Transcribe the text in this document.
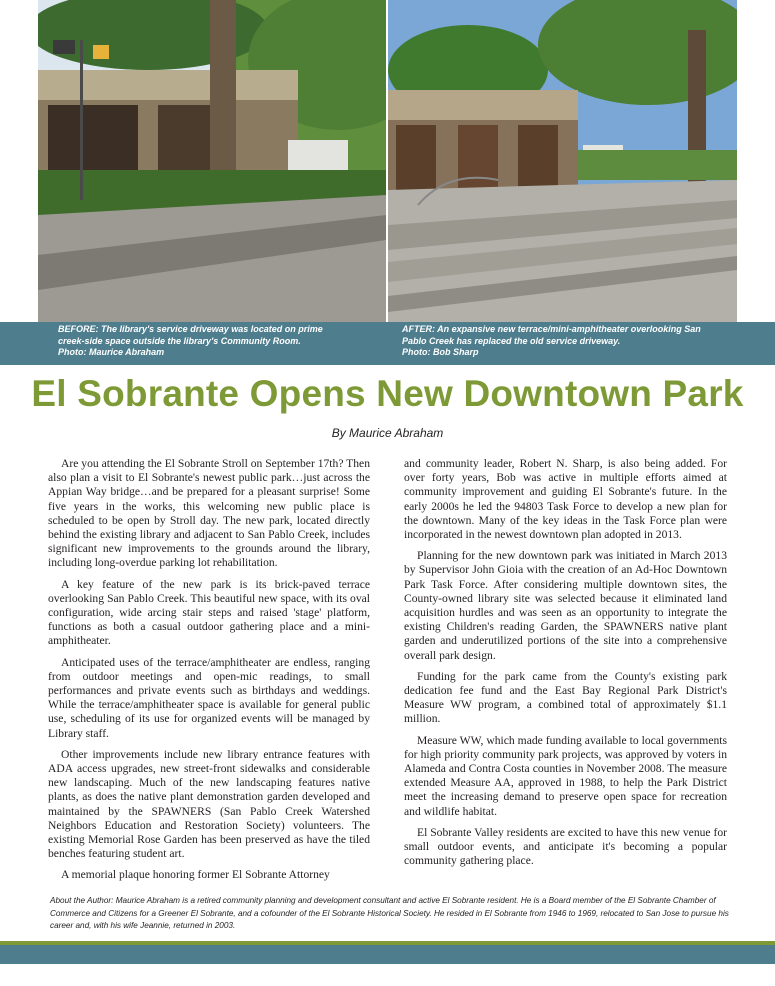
BEFORE: The library's service driveway was located on prime
creek-side space outside the library's Community Room.
Photo: Maurice Abraham
AFTER: An expansive new terrace/mini-amphitheater overlooking San
Pablo Creek has replaced the old service driveway.
Photo: Bob Sharp
El Sobrante Opens New Downtown Park
By Maurice Abraham

Are you attending the El Sobrante Stroll on September 17th? Then also plan a visit to El Sobrante's newest public park…just across the Appian Way bridge…and be prepared for a pleasant surprise! Some five years in the works, this welcoming new public place is scheduled to be open by Stroll day. The new park, located directly behind the existing library and adjacent to San Pablo Creek, includes significant new improvements to the grounds around the library, including long-overdue parking lot rehabilitation.

A key feature of the new park is its brick-paved terrace overlooking San Pablo Creek. This beautiful new space, with its oval configuration, wide arcing stair steps and raised 'stage' platform, functions as both a casual outdoor gathering place and a mini-amphitheater.

Anticipated uses of the terrace/amphitheater are endless, ranging from outdoor meetings and open-mic readings, to small performances and private events such as birthdays and weddings. While the terrace/amphitheater space is available for general public use, scheduling of its use for organized events will be managed by Library staff.

Other improvements include new library entrance features with ADA access upgrades, new street-front sidewalks and considerable new landscaping. Much of the new landscaping features native plants, as does the native plant demonstration garden developed and maintained by the SPAWNERS (San Pablo Creek Watershed Neighbors Education and Restoration Society) volunteers. The existing Memorial Rose Garden has been preserved as have the tiled benches featuring student art.

A memorial plaque honoring former El Sobrante Attorney

and community leader, Robert N. Sharp, is also being added. For over forty years, Bob was active in multiple efforts aimed at community improvement and guiding El Sobrante's future. In the early 2000s he led the 94803 Task Force to develop a new plan for the downtown. Many of the key ideas in the Task Force plan were incorporated in the newest downtown plan adopted in 2013.

Planning for the new downtown park was initiated in March 2013 by Supervisor John Gioia with the creation of an Ad-Hoc Downtown Park Task Force. After considering multiple downtown sites, the County-owned library site was selected because it eliminated land acquisition hurdles and was seen as an opportunity to integrate the existing Children's reading Garden, the SPAWNERS native plant garden and underutilized portions of the site into a comprehensive overall park design.

Funding for the park came from the County's existing park dedication fee fund and the East Bay Regional Park District's Measure WW program, a combined total of approximately $1.1 million.

Measure WW, which made funding available to local governments for high priority community park projects, was approved by voters in Alameda and Contra Costa counties in November 2008. The measure extended Measure AA, approved in 1988, to help the Park District meet the increasing demand to preserve open space for recreation and wildlife habitat.

El Sobrante Valley residents are excited to have this new venue for small outdoor events, and anticipate it's becoming a popular community gathering place.

About the Author: Maurice Abraham is a retired community planning and development consultant and active El Sobrante resident. He is a Board member of the El Sobrante Chamber of Commerce and Citizens for a Greener El Sobrante, and a cofounder of the El Sobrante Historical Society. He resided in El Sobrante from 1946 to 1969, relocated to San Jose to pursue his career and, with his wife Jeannie, returned in 2003.
